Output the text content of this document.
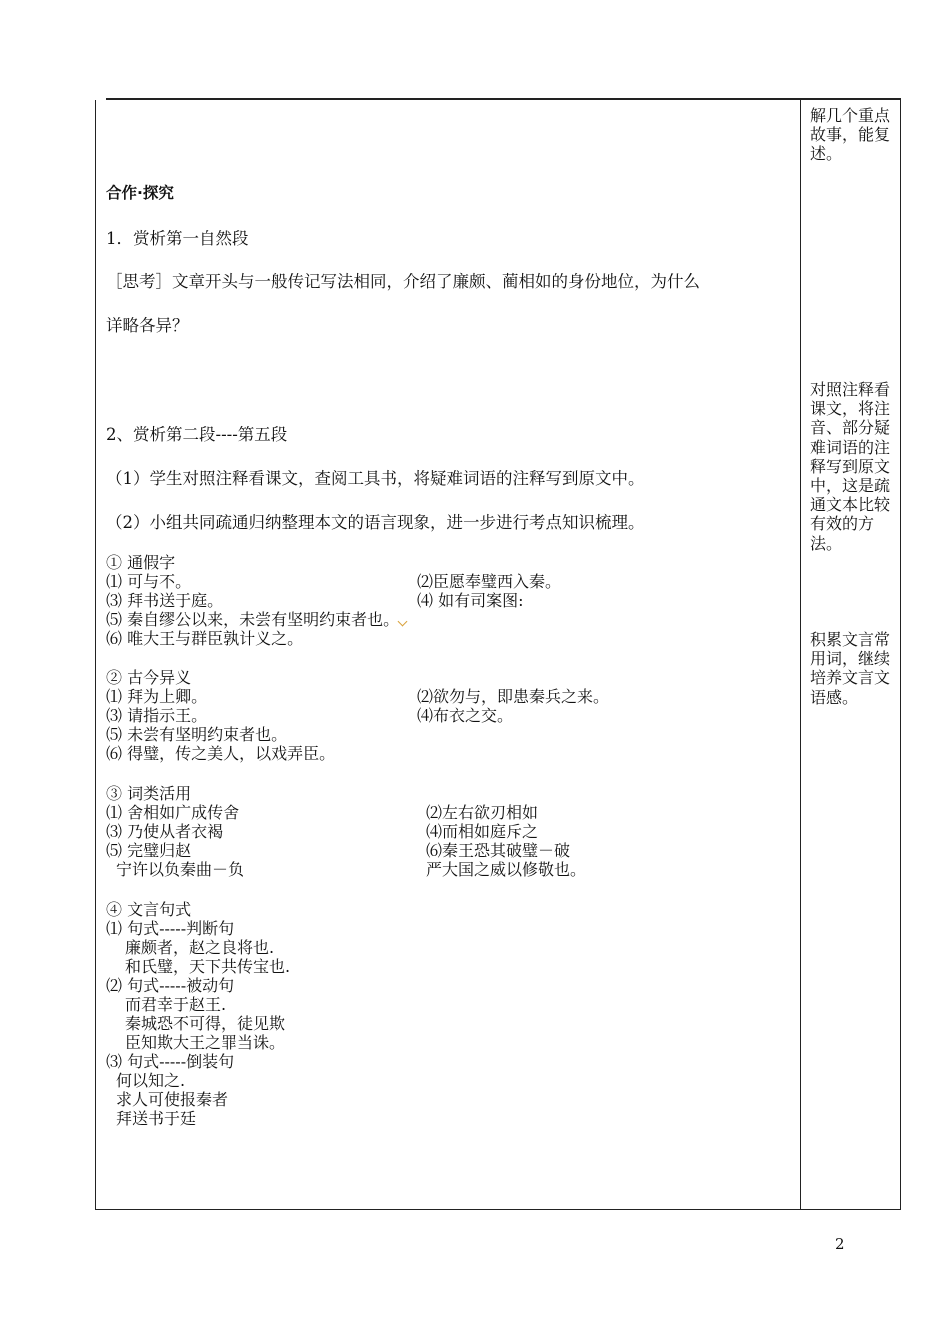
解几个重点故事，能复述。
对照注释看课文，将注音、部分疑难词语的注释写到原文中，这是疏通文本比较有效的方法。
积累文言常用词，继续培养文言文语感。
合作·探究
1．赏析第一自然段
［思考］文章开头与一般传记写法相同，介绍了廉颇、蔺相如的身份地位，为什么
详略各异？
2、赏析第二段----第五段
（1）学生对照注释看课文，查阅工具书，将疑难词语的注释写到原文中。
（2）小组共同疏通归纳整理本文的语言现象，进一步进行考点知识梳理。
① 通假字
⑴ 可与不。	⑵臣愿奉璧西入秦。
⑶ 拜书送于庭。	⑷ 如有司案图:
⑸ 秦自缪公以来，未尝有坚明约束者也。
⑹ 唯大王与群臣孰计义之。
② 古今异义
⑴ 拜为上卿。	⑵欲勿与，即患秦兵之来。
⑶ 请指示王。	⑷布衣之交。
⑸ 未尝有坚明约束者也。
⑹ 得璧，传之美人，以戏弄臣。
③ 词类活用
⑴ 舍相如广成传舍	⑵左右欲刃相如
⑶ 乃使从者衣褐	⑷而相如庭斥之
⑸ 完璧归赵	⑹秦王恐其破璧－破
宁许以负秦曲－负	严大国之威以修敬也。
④ 文言句式
⑴ 句式-----判断句
廉颇者，赵之良将也.
和氏璧，天下共传宝也.
⑵ 句式-----被动句
而君幸于赵王.
秦城恐不可得，徒见欺
臣知欺大王之罪当诛。
⑶ 句式-----倒装句
何以知之.
求人可使报秦者
拜送书于廷
2
